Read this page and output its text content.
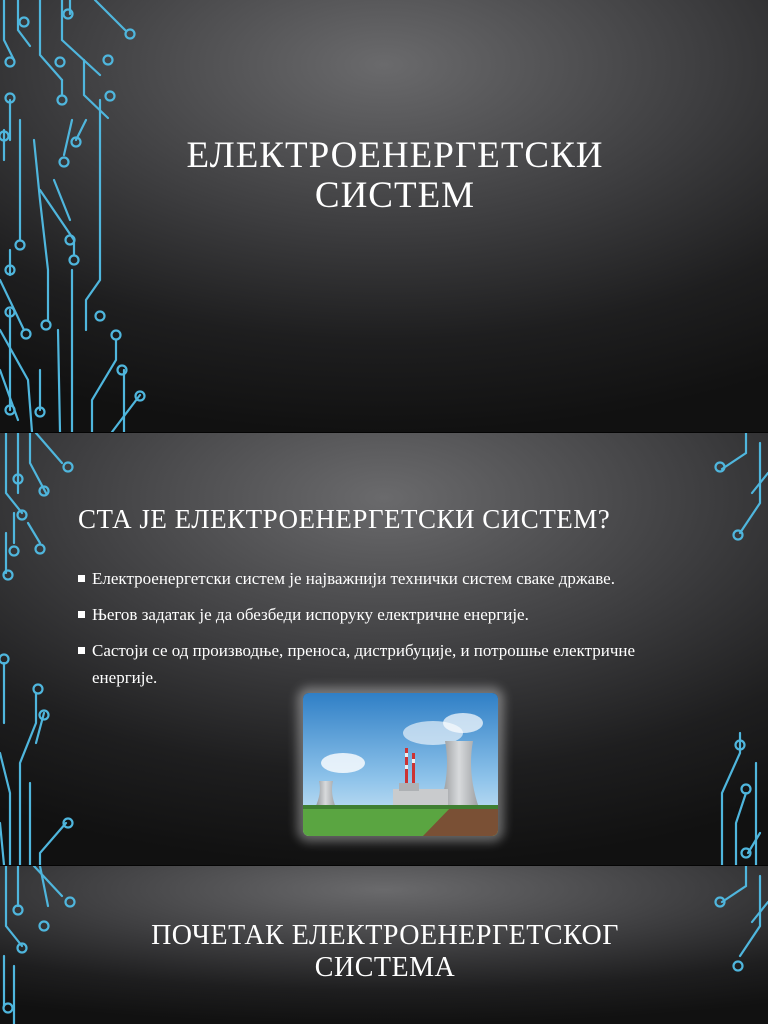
ЕЛЕКТРОЕНЕРГЕТСКИ СИСТЕМ
СТА ЈЕ ЕЛЕКТРОЕНЕРГЕТСКИ СИСТЕМ?
Електроенергетски систем је најважнији технички систем сваке државе.
Његов задатак је да обезбеди испоруку електричне енергије.
Састоји се од производње, преноса, дистрибуције, и потрошње електричне енергије.
ПОЧЕТАК ЕЛЕКТРОЕНЕРГЕТСКОГ СИСТЕМА
